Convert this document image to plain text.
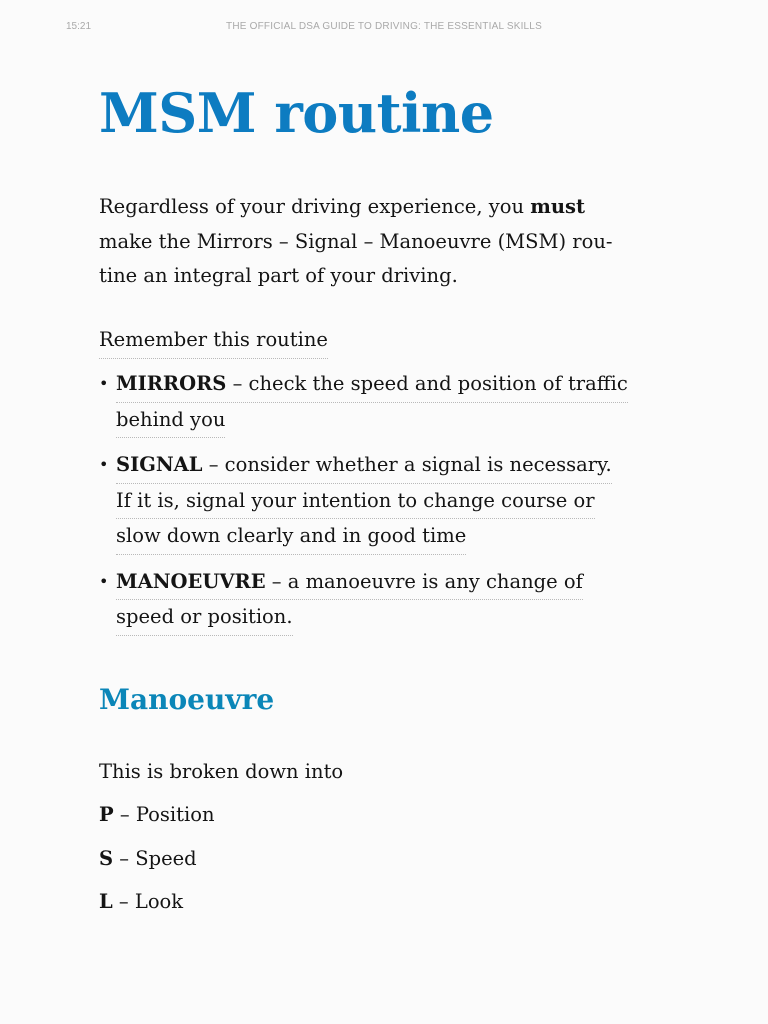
15:21	THE OFFICIAL DSA GUIDE TO DRIVING: THE ESSENTIAL SKILLS
MSM routine

Regardless of your driving experience, you must
make the Mirrors – Signal – Manoeuvre (MSM) rou-
tine an integral part of your driving.

Remember this routine

• MIRRORS – check the speed and position of traffic
behind you
• SIGNAL – consider whether a signal is necessary.
If it is, signal your intention to change course or
slow down clearly and in good time
• MANOEUVRE – a manoeuvre is any change of
speed or position.
Manoeuvre

This is broken down into

P – Position
S – Speed
L – Look
